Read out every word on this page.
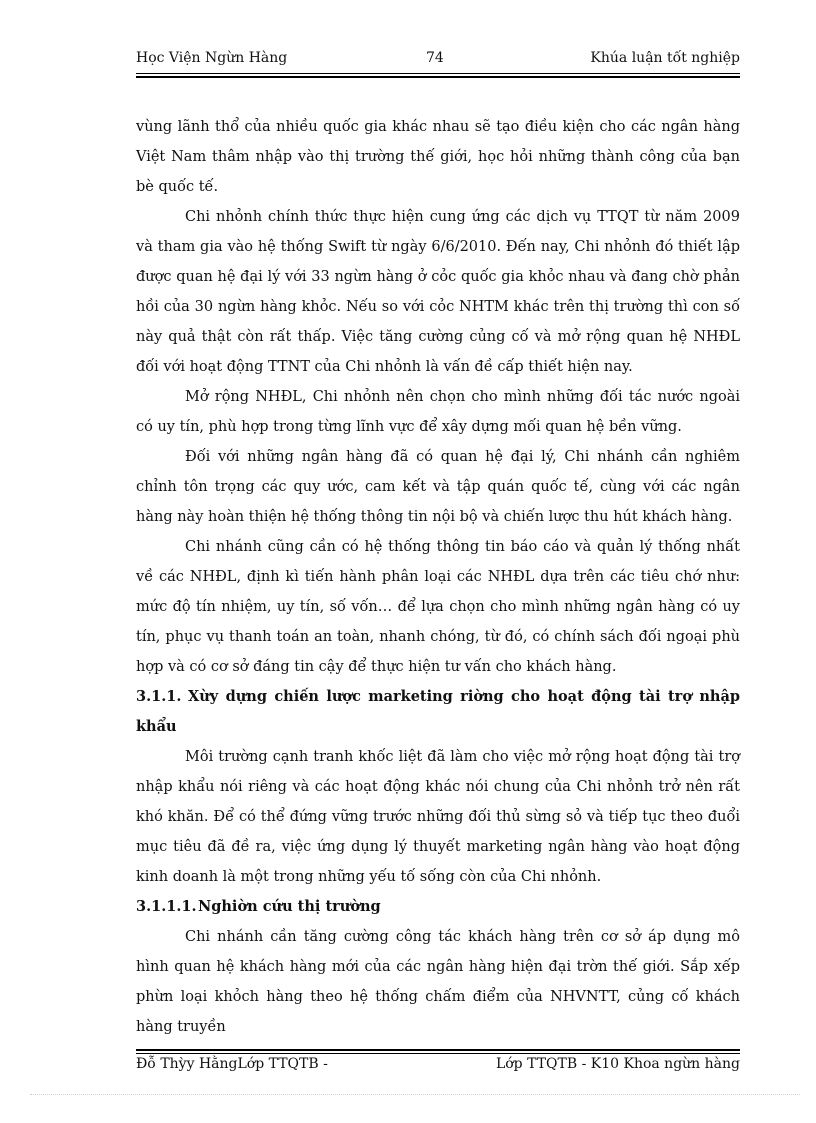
Học Viện Ngừn Hàng	74	Khúa luận tốt nghiệp

vùng lãnh thổ của nhiều quốc gia khác nhau sẽ tạo điều kiện cho các ngân hàng Việt Nam thâm nhập vào thị trường thế giới, học hỏi những thành công của bạn bè quốc tế.

Chi nhỏnh chính thức thực hiện cung ứng các dịch vụ TTQT từ năm 2009 và tham gia vào hệ thống Swift từ ngày 6/6/2010. Đến nay, Chi nhỏnh đó thiết lập được quan hệ đại lý với 33 ngừn hàng ở cỏc quốc gia khỏc nhau và đang chờ phản hồi của 30 ngừn hàng khỏc. Nếu so với cỏc NHTM khác trên thị trường thì con số này quả thật còn rất thấp. Việc tăng cường củng cố và mở rộng quan hệ NHĐL đối với hoạt động TTNT của Chi nhỏnh là vấn đề cấp thiết hiện nay.

Mở rộng NHĐL, Chi nhỏnh nên chọn cho mình những đối tác nước ngoài có uy tín, phù hợp trong từng lĩnh vực để xây dựng mối quan hệ bền vững.

Đối với những ngân hàng đã có quan hệ đại lý, Chi nhánh cần nghiêm chỉnh tôn trọng các quy ước, cam kết và tập quán quốc tế, cùng với các ngân hàng này hoàn thiện hệ thống thông tin nội bộ và chiến lược thu hút khách hàng.

Chi nhánh cũng cần có hệ thống thông tin báo cáo và quản lý thống nhất về các NHĐL, định kì tiến hành phân loại các NHĐL dựa trên các tiêu chớ như: mức độ tín nhiệm, uy tín, số vốn… để lựa chọn cho mình những ngân hàng có uy tín, phục vụ thanh toán an toàn, nhanh chóng, từ đó, có chính sách đối ngoại phù hợp và có cơ sở đáng tin cậy để thực hiện tư vấn cho khách hàng.

3.1.1. Xừy dựng chiến lược marketing riờng cho hoạt động tài trợ nhập khẩu

Môi trường cạnh tranh khốc liệt đã làm cho việc mở rộng hoạt động tài trợ nhập khẩu nói riêng và các hoạt động khác nói chung của Chi nhỏnh trở nên rất khó khăn. Để có thể đứng vững trước những đối thủ sừng sỏ và tiếp tục theo đuổi mục tiêu đã đề ra, việc ứng dụng lý thuyết marketing ngân hàng vào hoạt động kinh doanh là một trong những yếu tố sống còn của Chi nhỏnh.

3.1.1.1.Nghiờn cứu thị trường

Chi nhánh cần tăng cường công tác khách hàng trên cơ sở áp dụng mô hình quan hệ khách hàng mới của các ngân hàng hiện đại trờn thế giới. Sắp xếp phừn loại khỏch hàng theo hệ thống chấm điểm của NHVNTT, củng cố khách hàng truyền

Đỗ Thỳy HằngLớp TTQTB -	Lớp TTQTB - K10 Khoa ngừn hàng
